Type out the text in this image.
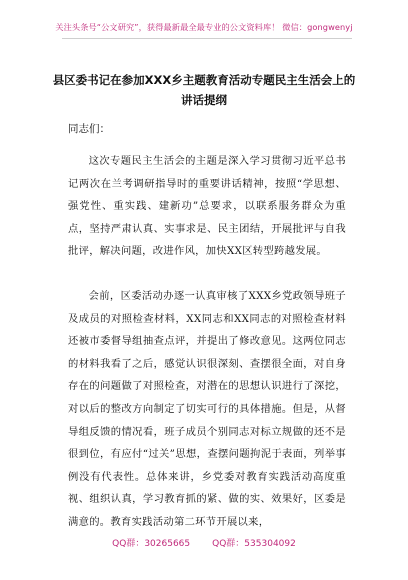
关注头条号“公文研究”，获得最新最全最专业的公文资料库！ 微信：gongwenyj
县区委书记在参加XXX乡主题教育活动专题民主生活会上的讲话提纲
同志们：

这次专题民主生活会的主题是深入学习贯彻习近平总书记两次在兰考调研指导时的重要讲话精神，按照“学思想、强党性、重实践、建新功”总要求，以联系服务群众为重点，坚持严肃认真、实事求是、民主团结，开展批评与自我批评，解决问题，改进作风，加快XX区转型跨越发展。

会前，区委活动办逐一认真审核了XXX乡党政领导班子及成员的对照检查材料，XX同志和XX同志的对照检查材料还被市委督导组抽查点评，并提出了修改意见。这两位同志的材料我看了之后，感觉认识很深刻、查摆很全面，对自身存在的问题做了对照检查，对潜在的思想认识进行了深挖，对以后的整改方向制定了切实可行的具体措施。但是，从督导组反馈的情况看，班子成员个别同志对标立规做的还不是很到位，有应付“过关”思想，查摆问题拘泥于表面，列举事例没有代表性。总体来讲，乡党委对教育实践活动高度重视、组织认真，学习教育抓的紧、做的实、效果好，区委是满意的。教育实践活动第二环节开展以来，

QQ群：30265665 QQ群：535304092
